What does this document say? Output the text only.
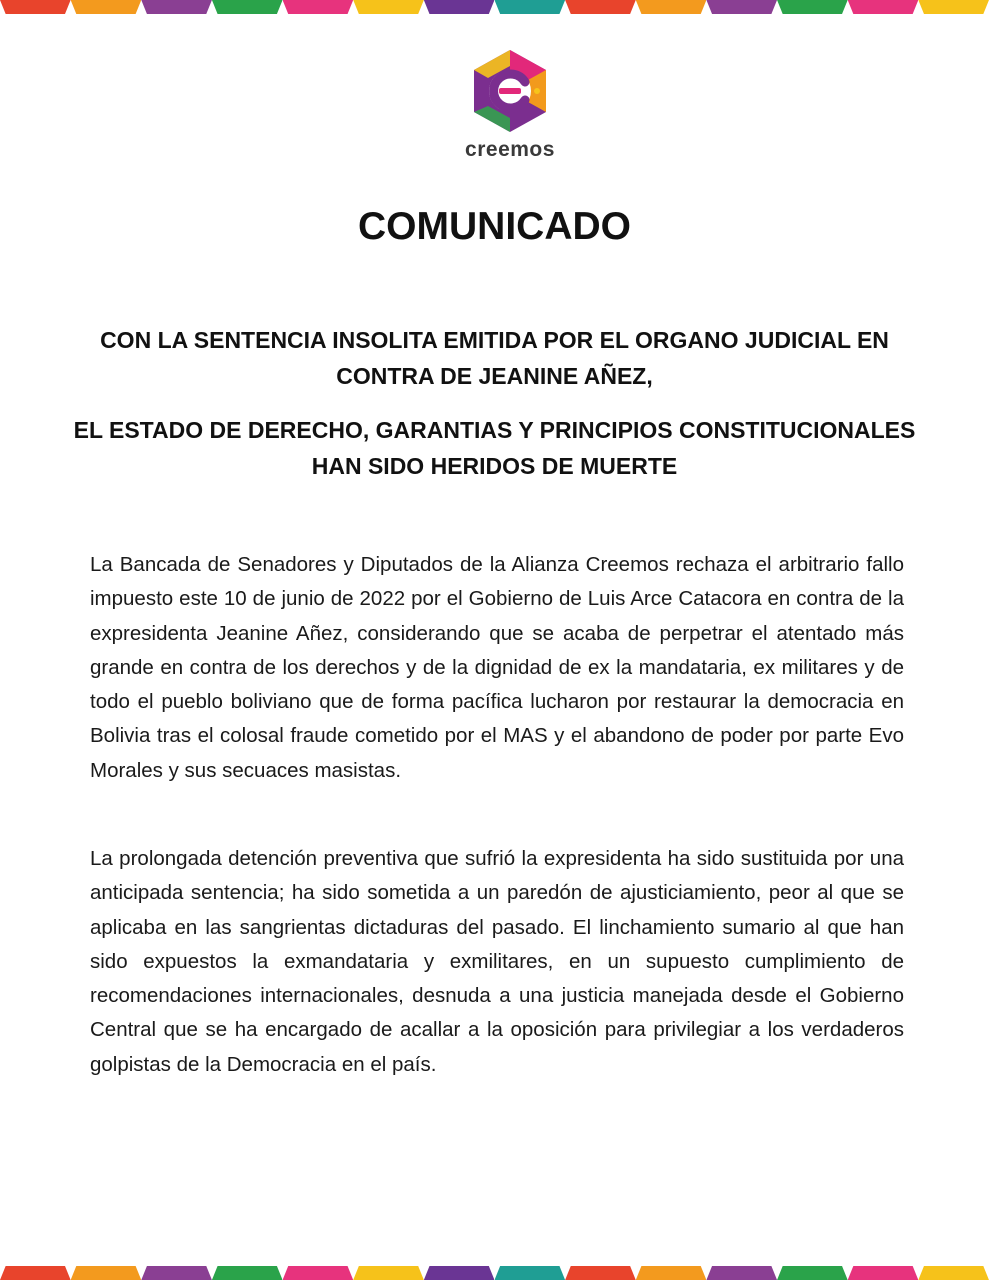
creemos
COMUNICADO
CON LA SENTENCIA INSOLITA EMITIDA POR EL ORGANO JUDICIAL EN CONTRA DE JEANINE AÑEZ,
EL ESTADO DE DERECHO, GARANTIAS Y PRINCIPIOS CONSTITUCIONALES HAN SIDO HERIDOS DE MUERTE

La Bancada de Senadores y Diputados de la Alianza Creemos rechaza el arbitrario fallo impuesto este 10 de junio de 2022 por el Gobierno de Luis Arce Catacora en contra de la expresidenta Jeanine Añez, considerando que se acaba de perpetrar el atentado más grande en contra de los derechos y de la dignidad de ex la mandataria, ex militares y de todo el pueblo boliviano que de forma pacífica lucharon por restaurar la democracia en Bolivia tras el colosal fraude cometido por el MAS y el abandono de poder por parte Evo Morales y sus secuaces masistas.

La prolongada detención preventiva que sufrió la expresidenta ha sido sustituida por una anticipada sentencia; ha sido sometida a un paredón de ajusticiamiento, peor al que se aplicaba en las sangrientas dictaduras del pasado. El linchamiento sumario al que han sido expuestos la exmandataria y exmilitares, en un supuesto cumplimiento de recomendaciones internacionales, desnuda a una justicia manejada desde el Gobierno Central que se ha encargado de acallar a la oposición para privilegiar a los verdaderos golpistas de la Democracia en el país.
